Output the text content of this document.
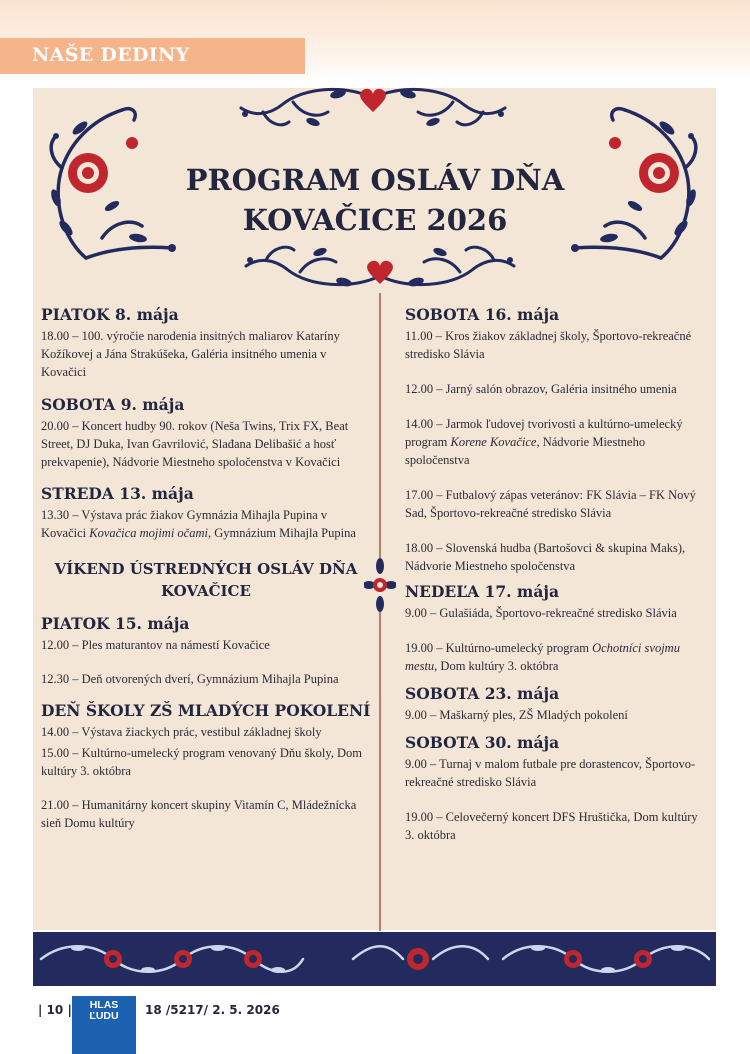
NAŠE DEDINY
PROGRAM OSLÁV DŇA
KOVAČICE 2026

PIATOK 8. mája

18.00 – 100. výročie narodenia insitných maliarov Kataríny Kožíkovej a Jána Strakúšeka, Galéria insitného umenia v Kovačici

SOBOTA 9. mája

20.00 – Koncert hudby 90. rokov (Neša Twins, Trix FX, Beat Street, DJ Duka, Ivan Gavrilović, Slađana Delibašić a hosť prekvapenie), Nádvorie Miestneho spoločenstva v Kovačici

STREDA 13. mája

13.30 – Výstava prác žiakov Gymnázia Mihajla Pupina v Kovačici Kovačica mojimi očami, Gymnázium Mihajla Pupina

VÍKEND ÚSTREDNÝCH OSLÁV DŇA
KOVAČICE

PIATOK 15. mája

12.00 – Ples maturantov na námestí Kovačice

12.30 – Deň otvorených dverí, Gymnázium Mihajla Pupina

DEŇ ŠKOLY ZŠ MLADÝCH POKOLENÍ

14.00 – Výstava žiackych prác, vestibul základnej školy

15.00 – Kultúrno-umelecký program venovaný Dňu školy, Dom kultúry 3. októbra

21.00 – Humanitárny koncert skupiny Vitamín C, Mládežnícka sieň Domu kultúry

SOBOTA 16. mája

11.00 – Kros žiakov základnej školy, Športovo-rekreačné stredisko Slávia

12.00 – Jarný salón obrazov, Galéria insitného umenia

14.00 – Jarmok ľudovej tvorivosti a kultúrno-umelecký program Korene Kovačice, Nádvorie Miestneho spoločenstva

17.00 – Futbalový zápas veteránov: FK Slávia – FK Nový Sad, Športovo-rekreačné stredisko Slávia

18.00 – Slovenská hudba (Bartošovci & skupina Maks), Nádvorie Miestneho spoločenstva

NEDEĽA 17. mája

9.00 – Gulašiáda, Športovo-rekreačné stredisko Slávia

19.00 – Kultúrno-umelecký program Ochotníci svojmu mestu, Dom kultúry 3. októbra

SOBOTA 23. mája

9.00 – Maškarný ples, ZŠ Mladých pokolení

SOBOTA 30. mája

9.00 – Turnaj v malom futbale pre dorastencov, Športovo-rekreačné stredisko Slávia

19.00 – Celovečerný koncert DFS Hruštička, Dom kultúry 3. októbra

| 10 |	HLAS
ĽUDU	18 /5217/ 2. 5. 2026
